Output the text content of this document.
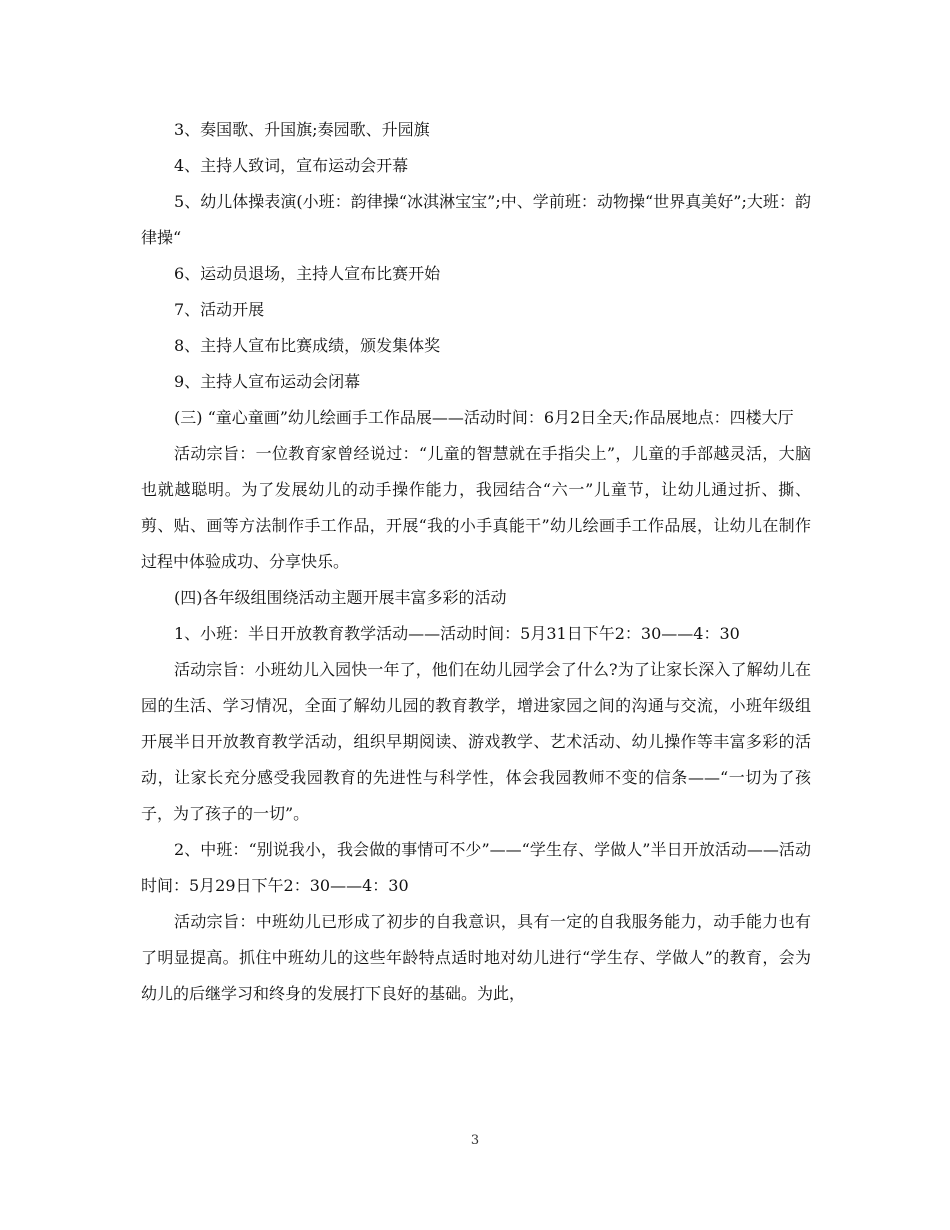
3、奏国歌、升国旗;奏园歌、升园旗

4、主持人致词，宣布运动会开幕

5、幼儿体操表演(小班：韵律操“冰淇淋宝宝”;中、学前班：动物操“世界真美好”;大班：韵律操“

6、运动员退场，主持人宣布比赛开始

7、活动开展

8、主持人宣布比赛成绩，颁发集体奖

9、主持人宣布运动会闭幕

(三) “童心童画”幼儿绘画手工作品展——活动时间：6月2日全天;作品展地点：四楼大厅

活动宗旨：一位教育家曾经说过：“儿童的智慧就在手指尖上”，儿童的手部越灵活，大脑也就越聪明。为了发展幼儿的动手操作能力，我园结合“六一”儿童节，让幼儿通过折、撕、剪、贴、画等方法制作手工作品，开展“我的小手真能干”幼儿绘画手工作品展，让幼儿在制作过程中体验成功、分享快乐。

(四)各年级组围绕活动主题开展丰富多彩的活动

1、小班：半日开放教育教学活动——活动时间：5月31日下午2：30——4：30

活动宗旨：小班幼儿入园快一年了，他们在幼儿园学会了什么?为了让家长深入了解幼儿在园的生活、学习情况，全面了解幼儿园的教育教学，增进家园之间的沟通与交流，小班年级组开展半日开放教育教学活动，组织早期阅读、游戏教学、艺术活动、幼儿操作等丰富多彩的活动，让家长充分感受我园教育的先进性与科学性，体会我园教师不变的信条——“一切为了孩子，为了孩子的一切”。

2、中班：“别说我小，我会做的事情可不少”——“学生存、学做人”半日开放活动——活动时间：5月29日下午2：30——4：30

活动宗旨：中班幼儿已形成了初步的自我意识，具有一定的自我服务能力，动手能力也有了明显提高。抓住中班幼儿的这些年龄特点适时地对幼儿进行“学生存、学做人”的教育，会为幼儿的后继学习和终身的发展打下良好的基础。为此，

3
